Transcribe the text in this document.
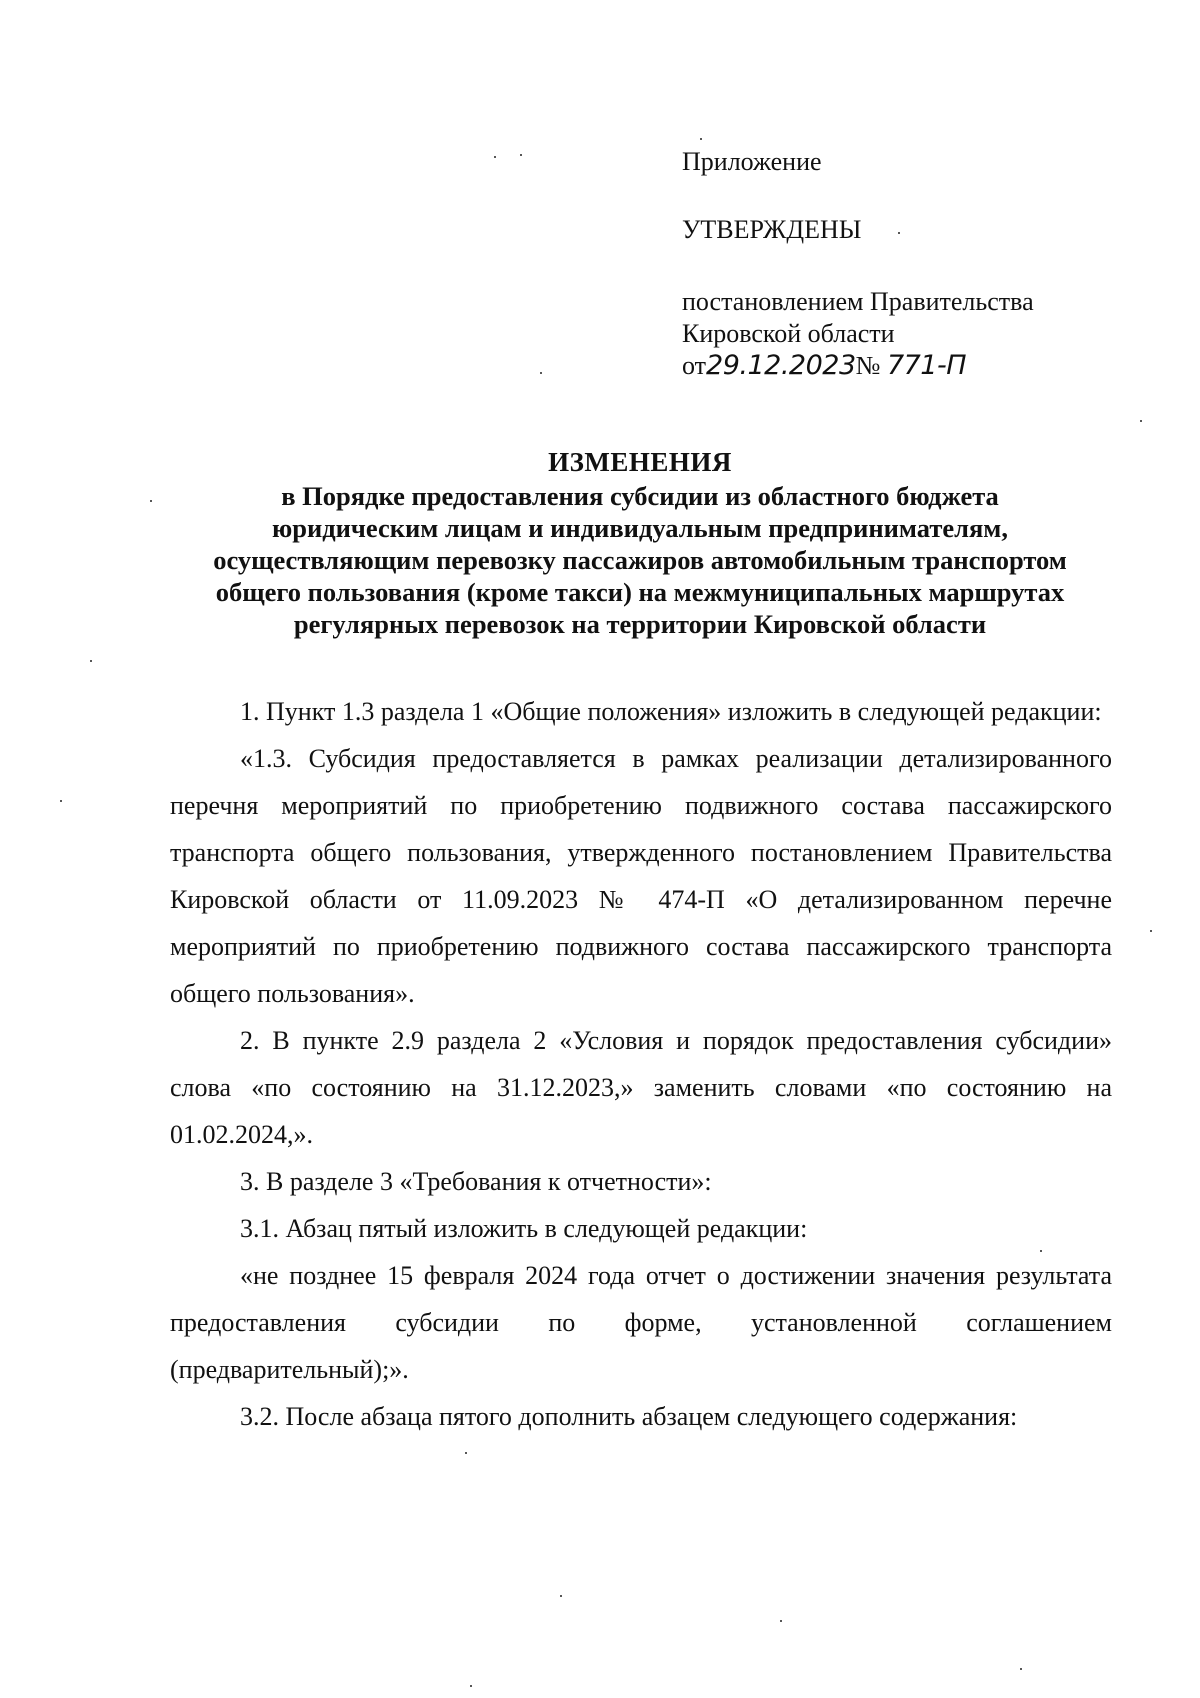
Приложение
УТВЕРЖДЕНЫ
постановлением Правительства
Кировской области
от29.12.2023№ 771-П
ИЗМЕНЕНИЯ
в Порядке предоставления субсидии из областного бюджета
юридическим лицам и индивидуальным предпринимателям,
осуществляющим перевозку пассажиров автомобильным транспортом
общего пользования (кроме такси) на межмуниципальных маршрутах
регулярных перевозок на территории Кировской области

1. Пункт 1.3 раздела 1 «Общие положения» изложить в следующей редакции:

«1.3. Субсидия предоставляется в рамках реализации детализированного перечня мероприятий по приобретению подвижного состава пассажирского транспорта общего пользования, утвержденного постановлением Правительства Кировской области от 11.09.2023 № 474-П «О детализированном перечне мероприятий по приобретению подвижного состава пассажирского транспорта общего пользования».

2. В пункте 2.9 раздела 2 «Условия и порядок предоставления субсидии» слова «по состоянию на 31.12.2023,» заменить словами «по состоянию на 01.02.2024,».

3. В разделе 3 «Требования к отчетности»:

3.1. Абзац пятый изложить в следующей редакции:

«не позднее 15 февраля 2024 года отчет о достижении значения результата предоставления субсидии по форме, установленной соглашением (предварительный);».

3.2. После абзаца пятого дополнить абзацем следующего содержания:
